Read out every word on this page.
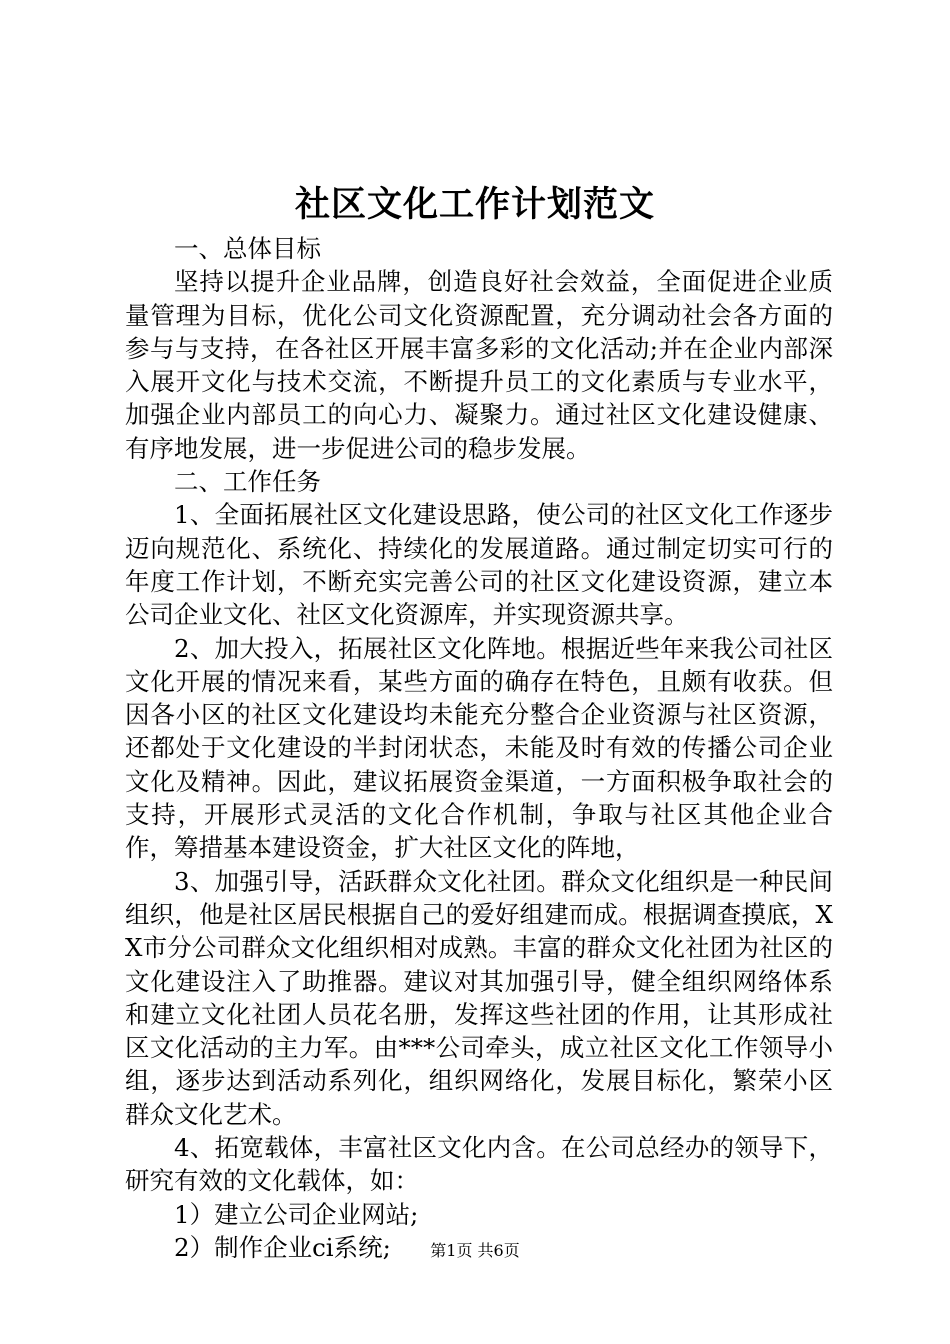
社区文化工作计划范文

一、总体目标

坚持以提升企业品牌，创造良好社会效益，全面促进企业质量管理为目标，优化公司文化资源配置，充分调动社会各方面的参与与支持，在各社区开展丰富多彩的文化活动;并在企业内部深入展开文化与技术交流，不断提升员工的文化素质与专业水平，加强企业内部员工的向心力、凝聚力。通过社区文化建设健康、有序地发展，进一步促进公司的稳步发展。

二、工作任务

1、全面拓展社区文化建设思路，使公司的社区文化工作逐步迈向规范化、系统化、持续化的发展道路。通过制定切实可行的年度工作计划，不断充实完善公司的社区文化建设资源，建立本公司企业文化、社区文化资源库，并实现资源共享。

2、加大投入，拓展社区文化阵地。根据近些年来我公司社区文化开展的情况来看，某些方面的确存在特色，且颇有收获。但因各小区的社区文化建设均未能充分整合企业资源与社区资源，还都处于文化建设的半封闭状态，未能及时有效的传播公司企业文化及精神。因此，建议拓展资金渠道，一方面积极争取社会的支持，开展形式灵活的文化合作机制，争取与社区其他企业合作，筹措基本建设资金，扩大社区文化的阵地，

3、加强引导，活跃群众文化社团。群众文化组织是一种民间组织，他是社区居民根据自己的爱好组建而成。根据调查摸底，XX市分公司群众文化组织相对成熟。丰富的群众文化社团为社区的文化建设注入了助推器。建议对其加强引导，健全组织网络体系和建立文化社团人员花名册，发挥这些社团的作用，让其形成社区文化活动的主力军。由***公司牵头，成立社区文化工作领导小组，逐步达到活动系列化，组织网络化，发展目标化，繁荣小区群众文化艺术。

4、拓宽载体，丰富社区文化内含。在公司总经办的领导下，研究有效的文化载体，如：

1）建立公司企业网站;

2）制作企业ci系统;	第1页 共6页
